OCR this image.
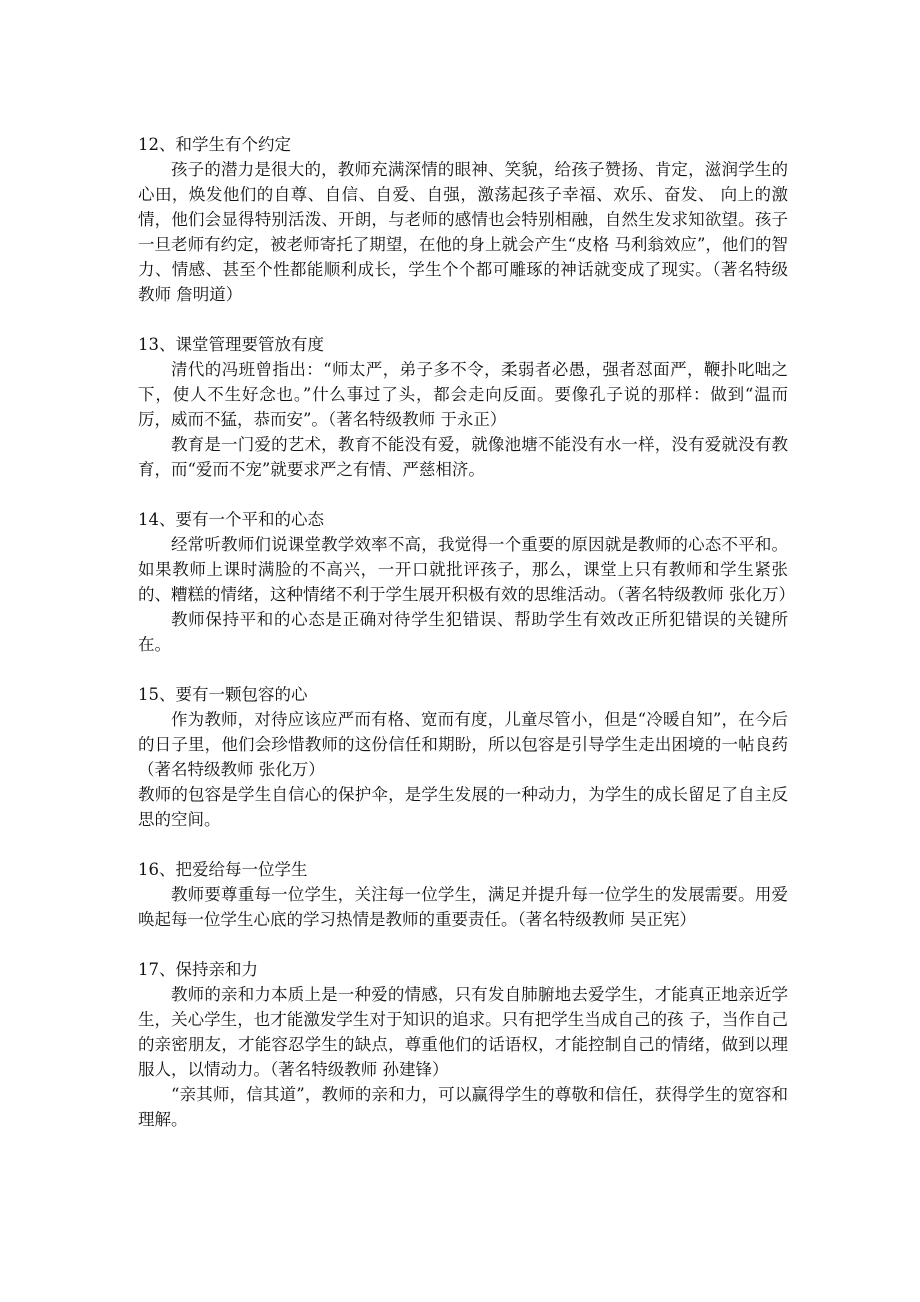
12、和学生有个约定

孩子的潜力是很大的，教师充满深情的眼神、笑貌，给孩子赞扬、肯定，滋润学生的心田，焕发他们的自尊、自信、自爱、自强，激荡起孩子幸福、欢乐、奋发、 向上的激情，他们会显得特别活泼、开朗，与老师的感情也会特别相融，自然生发求知欲望。孩子一旦老师有约定，被老师寄托了期望，在他的身上就会产生“皮格 马利翁效应”，他们的智力、情感、甚至个性都能顺利成长，学生个个都可雕琢的神话就变成了现实。（著名特级教师 詹明道）

13、课堂管理要管放有度

清代的冯班曾指出：“师太严，弟子多不令，柔弱者必愚，强者怼面严，鞭扑叱咄之下，使人不生好念也。”什么事过了头，都会走向反面。要像孔子说的那样：做到“温而厉，威而不猛，恭而安”。（著名特级教师 于永正）

教育是一门爱的艺术，教育不能没有爱，就像池塘不能没有水一样，没有爱就没有教育，而“爱而不宠”就要求严之有情、严慈相济。

14、要有一个平和的心态

经常听教师们说课堂教学效率不高，我觉得一个重要的原因就是教师的心态不平和。如果教师上课时满脸的不高兴，一开口就批评孩子，那么，课堂上只有教师和学生紧张的、糟糕的情绪，这种情绪不利于学生展开积极有效的思维活动。（著名特级教师 张化万）

教师保持平和的心态是正确对待学生犯错误、帮助学生有效改正所犯错误的关键所在。

15、要有一颗包容的心

作为教师，对待应该应严而有格、宽而有度，儿童尽管小，但是“冷暖自知”，在今后的日子里，他们会珍惜教师的这份信任和期盼，所以包容是引导学生走出困境的一帖良药（著名特级教师 张化万）

教师的包容是学生自信心的保护伞，是学生发展的一种动力，为学生的成长留足了自主反思的空间。

16、把爱给每一位学生

教师要尊重每一位学生，关注每一位学生，满足并提升每一位学生的发展需要。用爱唤起每一位学生心底的学习热情是教师的重要责任。（著名特级教师 吴正宪）

17、保持亲和力

教师的亲和力本质上是一种爱的情感，只有发自肺腑地去爱学生，才能真正地亲近学生，关心学生，也才能激发学生对于知识的追求。只有把学生当成自己的孩 子，当作自己的亲密朋友，才能容忍学生的缺点，尊重他们的话语权，才能控制自己的情绪，做到以理服人，以情动力。（著名特级教师 孙建锋）

“亲其师，信其道”，教师的亲和力，可以赢得学生的尊敬和信任，获得学生的宽容和理解。
